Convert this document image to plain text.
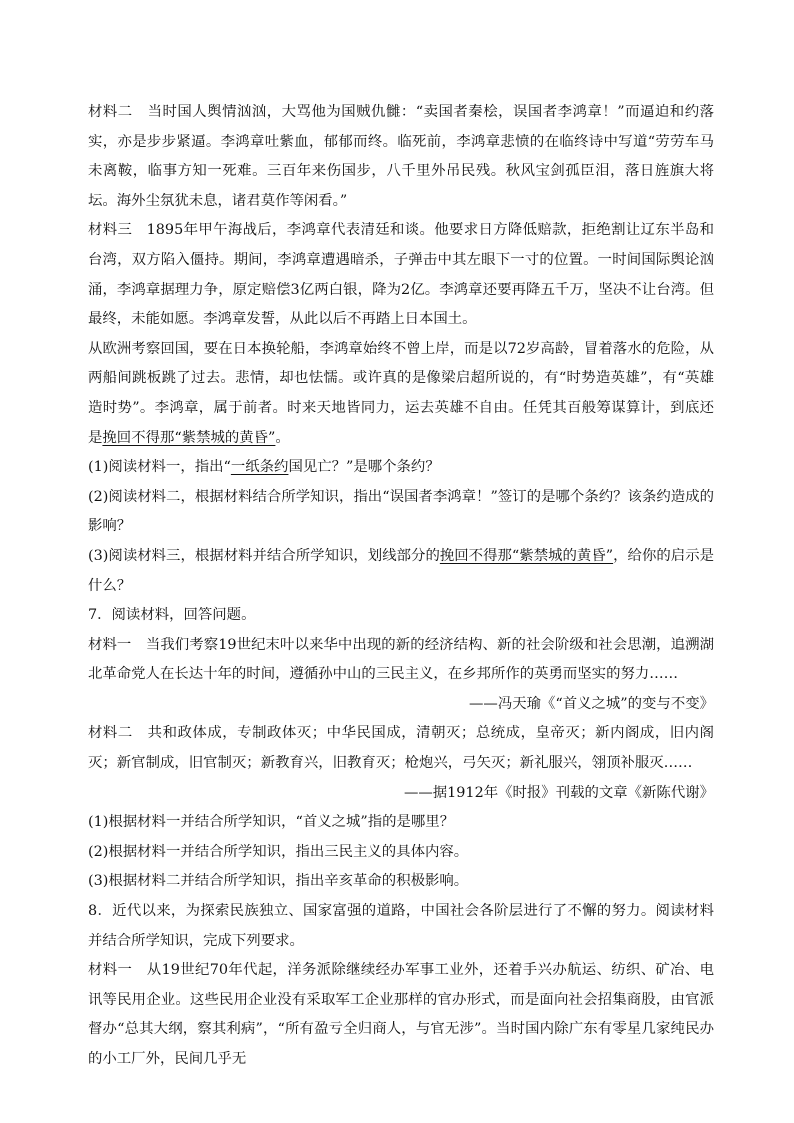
材料二  当时国人舆情汹汹，大骂他为国贼仇雠：“卖国者秦桧，误国者李鸿章！”而逼迫和约落实，亦是步步紧逼。李鸿章吐紫血，郁郁而终。临死前，李鸿章悲愤的在临终诗中写道“劳劳车马未离鞍，临事方知一死难。三百年来伤国步，八千里外吊民残。秋风宝剑孤臣泪，落日旌旗大将坛。海外尘氛犹未息，诸君莫作等闲看。”

材料三  1895年甲午海战后，李鸿章代表清廷和谈。他要求日方降低赔款，拒绝割让辽东半岛和台湾，双方陷入僵持。期间，李鸿章遭遇暗杀，子弹击中其左眼下一寸的位置。一时间国际舆论汹涌，李鸿章据理力争，原定赔偿3亿两白银，降为2亿。李鸿章还要再降五千万，坚决不让台湾。但最终，未能如愿。李鸿章发誓，从此以后不再踏上日本国土。

从欧洲考察回国，要在日本换轮船，李鸿章始终不曾上岸，而是以72岁高龄，冒着落水的危险，从两船间跳板跳了过去。悲情，却也怯懦。或许真的是像梁启超所说的，有“时势造英雄”，有“英雄造时势”。李鸿章，属于前者。时来天地皆同力，运去英雄不自由。任凭其百般筹谋算计，到底还是挽回不得那“紫禁城的黄昏”。

(1)阅读材料一，指出“一纸条约国见亡？”是哪个条约？

(2)阅读材料二，根据材料结合所学知识，指出“误国者李鸿章！”签订的是哪个条约？该条约造成的影响？

(3)阅读材料三，根据材料并结合所学知识，划线部分的挽回不得那“紫禁城的黄昏”，给你的启示是什么？

7．阅读材料，回答问题。

材料一  当我们考察19世纪末叶以来华中出现的新的经济结构、新的社会阶级和社会思潮，追溯湖北革命党人在长达十年的时间，遵循孙中山的三民主义，在乡邦所作的英勇而坚实的努力……

——冯天瑜《“首义之城”的变与不变》

材料二  共和政体成，专制政体灭；中华民国成，清朝灭；总统成，皇帝灭；新内阁成，旧内阁灭；新官制成，旧官制灭；新教育兴，旧教育灭；枪炮兴，弓矢灭；新礼服兴，翎顶补服灭……

——据1912年《时报》刊载的文章《新陈代谢》

(1)根据材料一并结合所学知识，“首义之城”指的是哪里？

(2)根据材料一并结合所学知识，指出三民主义的具体内容。

(3)根据材料二并结合所学知识，指出辛亥革命的积极影响。

8．近代以来，为探索民族独立、国家富强的道路，中国社会各阶层进行了不懈的努力。阅读材料并结合所学知识，完成下列要求。

材料一  从19世纪70年代起，洋务派除继续经办军事工业外，还着手兴办航运、纺织、矿冶、电讯等民用企业。这些民用企业没有采取军工企业那样的官办形式，而是面向社会招集商股，由官派督办“总其大纲，察其利病”，“所有盈亏全归商人，与官无涉”。当时国内除广东有零星几家纯民办的小工厂外，民间几乎无
